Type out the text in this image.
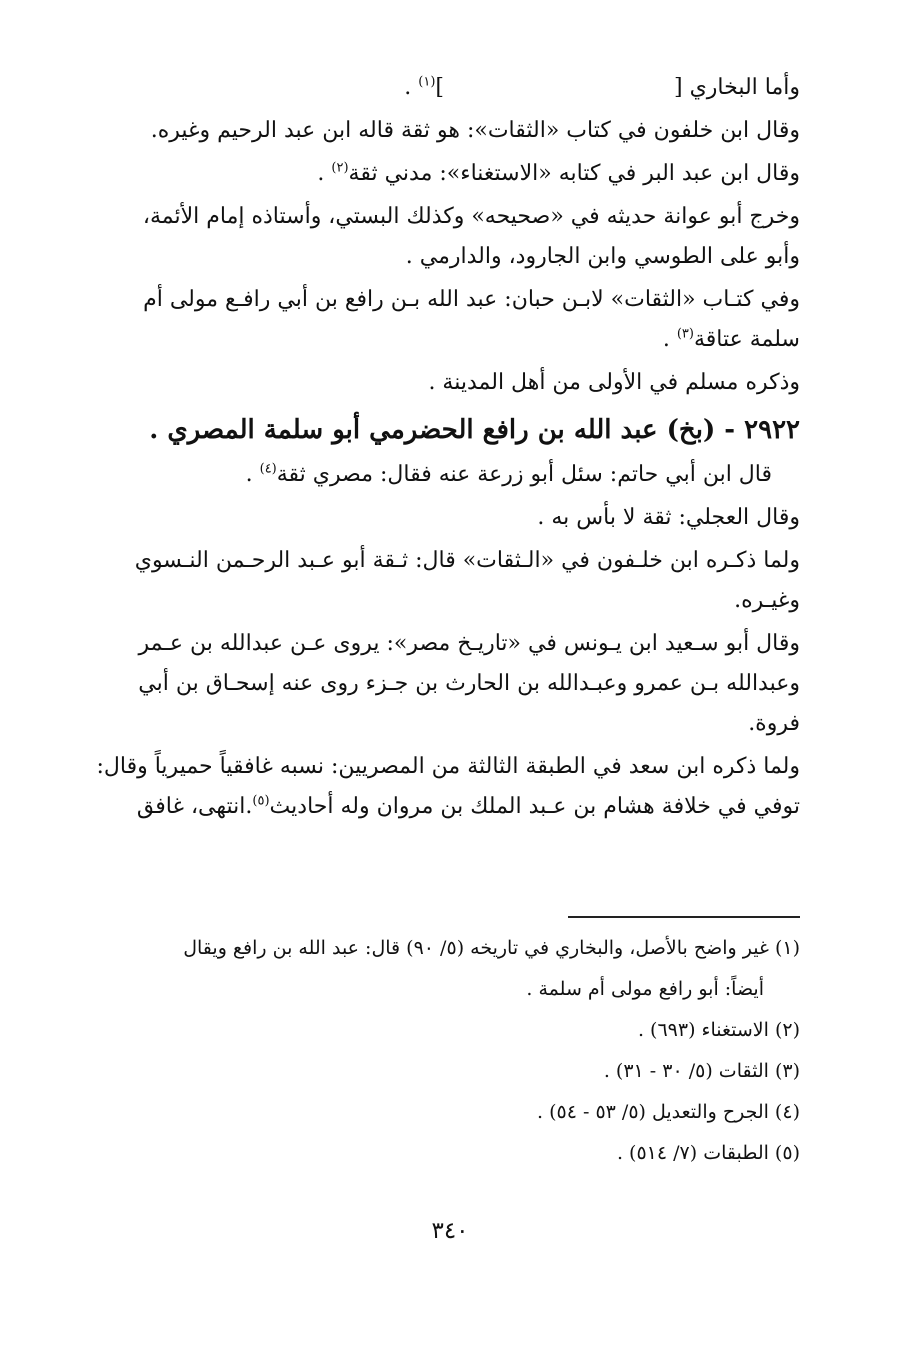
وأما البخاري []$^{(١)}$ .
وقال ابن خلفون في كتاب «الثقات»: هو ثقة قاله ابن عبد الرحيم وغيره.
وقال ابن عبد البر في كتابه «الاستغناء»: مدني ثقة$^{(٢)}$ .
وخرج أبو عوانة حديثه في «صحيحه» وكذلك البستي، وأستاذه إمام الأئمة،
وأبو على الطوسي وابن الجارود، والدارمي .
وفي كتـاب «الثقات» لابـن حبان: عبد الله بـن رافع بن أبي رافـع مولى أم
سلمة عتاقة$^{(٣)}$ .
وذكره مسلم في الأولى من أهل المدينة .
٢٩٢٢ - (بخ) عبد الله بن رافع الحضرمي أبو سلمة المصري .
قال ابن أبي حاتم: سئل أبو زرعة عنه فقال: مصري ثقة$^{(٤)}$ .
وقال العجلي: ثقة لا بأس به .
ولما ذكـره ابن خلـفون في «الـثقات» قال: ثـقة أبو عـبد الرحـمن النـسوي
وغيـره.
وقال أبو سـعيد ابن يـونس في «تاريـخ مصر»: يروى عـن عبدالله بن عـمر
وعبدالله بـن عمرو وعبـدالله بن الحارث بن جـزء روى عنه إسحـاق بن أبي
فروة.
ولما ذكره ابن سعد في الطبقة الثالثة من المصريين: نسبه غافقياً حميرياً وقال:
توفي في خلافة هشام بن عـبد الملك بن مروان وله أحاديث$^{(٥)}$.انتهى، غافق
(١) غير واضح بالأصل، والبخاري في تاريخه (٥/ ٩٠) قال: عبد الله بن رافع ويقال
أيضاً: أبو رافع مولى أم سلمة .
(٢) الاستغناء (٦٩٣) .
(٣) الثقات (٥/ ٣٠ - ٣١) .
(٤) الجرح والتعديل (٥/ ٥٣ - ٥٤) .
(٥) الطبقات (٧/ ٥١٤) .
٣٤٠
